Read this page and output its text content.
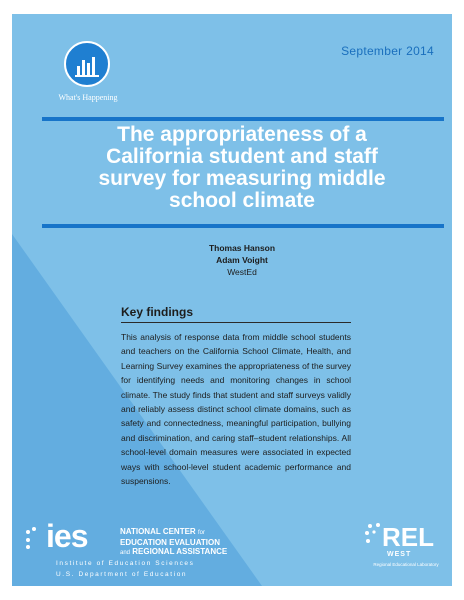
September 2014
What's Happening
The appropriateness of a California student and staff survey for measuring middle school climate
Thomas Hanson
Adam Voight
WestEd
Key findings
This analysis of response data from middle school students and teachers on the California School Climate, Health, and Learning Survey examines the appropriateness of the survey for identifying needs and monitoring changes in school climate. The study finds that student and staff surveys validly and reliably assess distinct school climate domains, such as safety and connectedness, meaningful participation, bullying and discrimination, and caring staff–student relationships. All school-level domain measures were associated in expected ways with school-level student academic performance and suspensions.
ies	NATIONAL CENTER for
EDUCATION EVALUATION
and REGIONAL ASSISTANCE
Institute of Education Sciences
U.S. Department of Education
REL
WEST
Regional Educational Laboratory
